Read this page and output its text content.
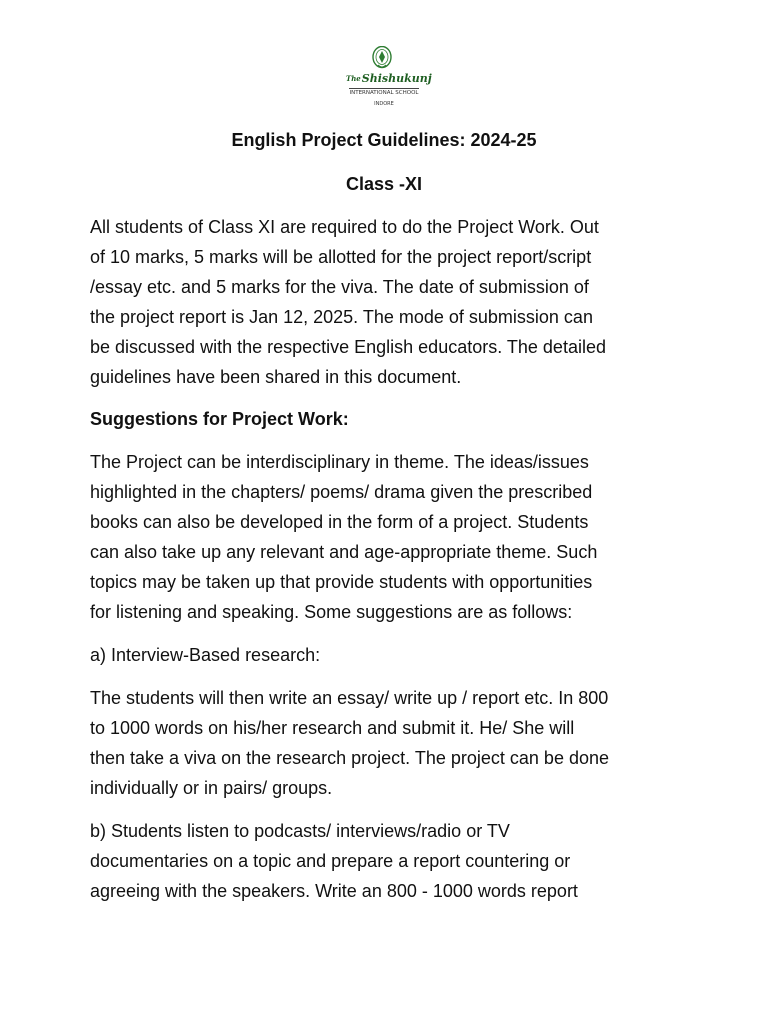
$^{The}$Shishukunj
INTERNATIONAL SCHOOL
INDORE
English Project Guidelines: 2024-25
Class -XI
All students of Class XI are required to do the Project Work. Out
of 10 marks, 5 marks will be allotted for the project report/script
/essay etc. and 5 marks for the viva. The date of submission of
the project report is Jan 12, 2025. The mode of submission can
be discussed with the respective English educators. The detailed
guidelines have been shared in this document.
Suggestions for Project Work:
The Project can be interdisciplinary in theme. The ideas/issues
highlighted in the chapters/ poems/ drama given the prescribed
books can also be developed in the form of a project. Students
can also take up any relevant and age-appropriate theme. Such
topics may be taken up that provide students with opportunities
for listening and speaking. Some suggestions are as follows:
a) Interview-Based research:
The students will then write an essay/ write up / report etc. In 800
to 1000 words on his/her research and submit it. He/ She will
then take a viva on the research project. The project can be done
individually or in pairs/ groups.
b) Students listen to podcasts/ interviews/radio or TV
documentaries on a topic and prepare a report countering or
agreeing with the speakers. Write an 800 - 1000 words report
